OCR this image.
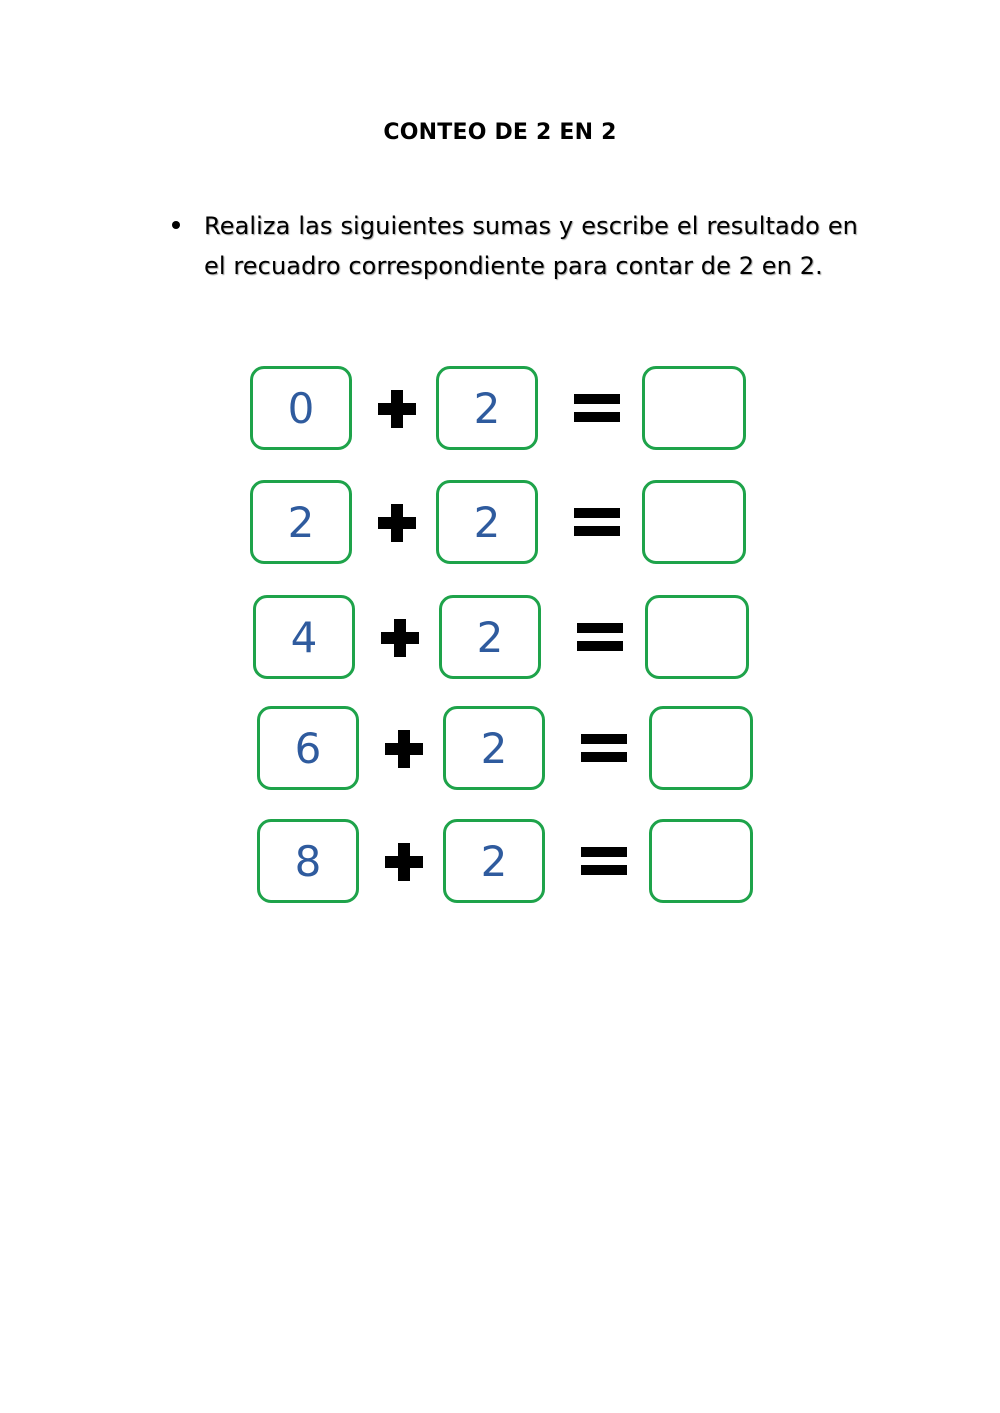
CONTEO DE 2 EN 2
Realiza las siguientes sumas y escribe el resultado en el recuadro correspondiente para contar de 2 en 2.
0	2
2	2
4	2
6	2
8	2
